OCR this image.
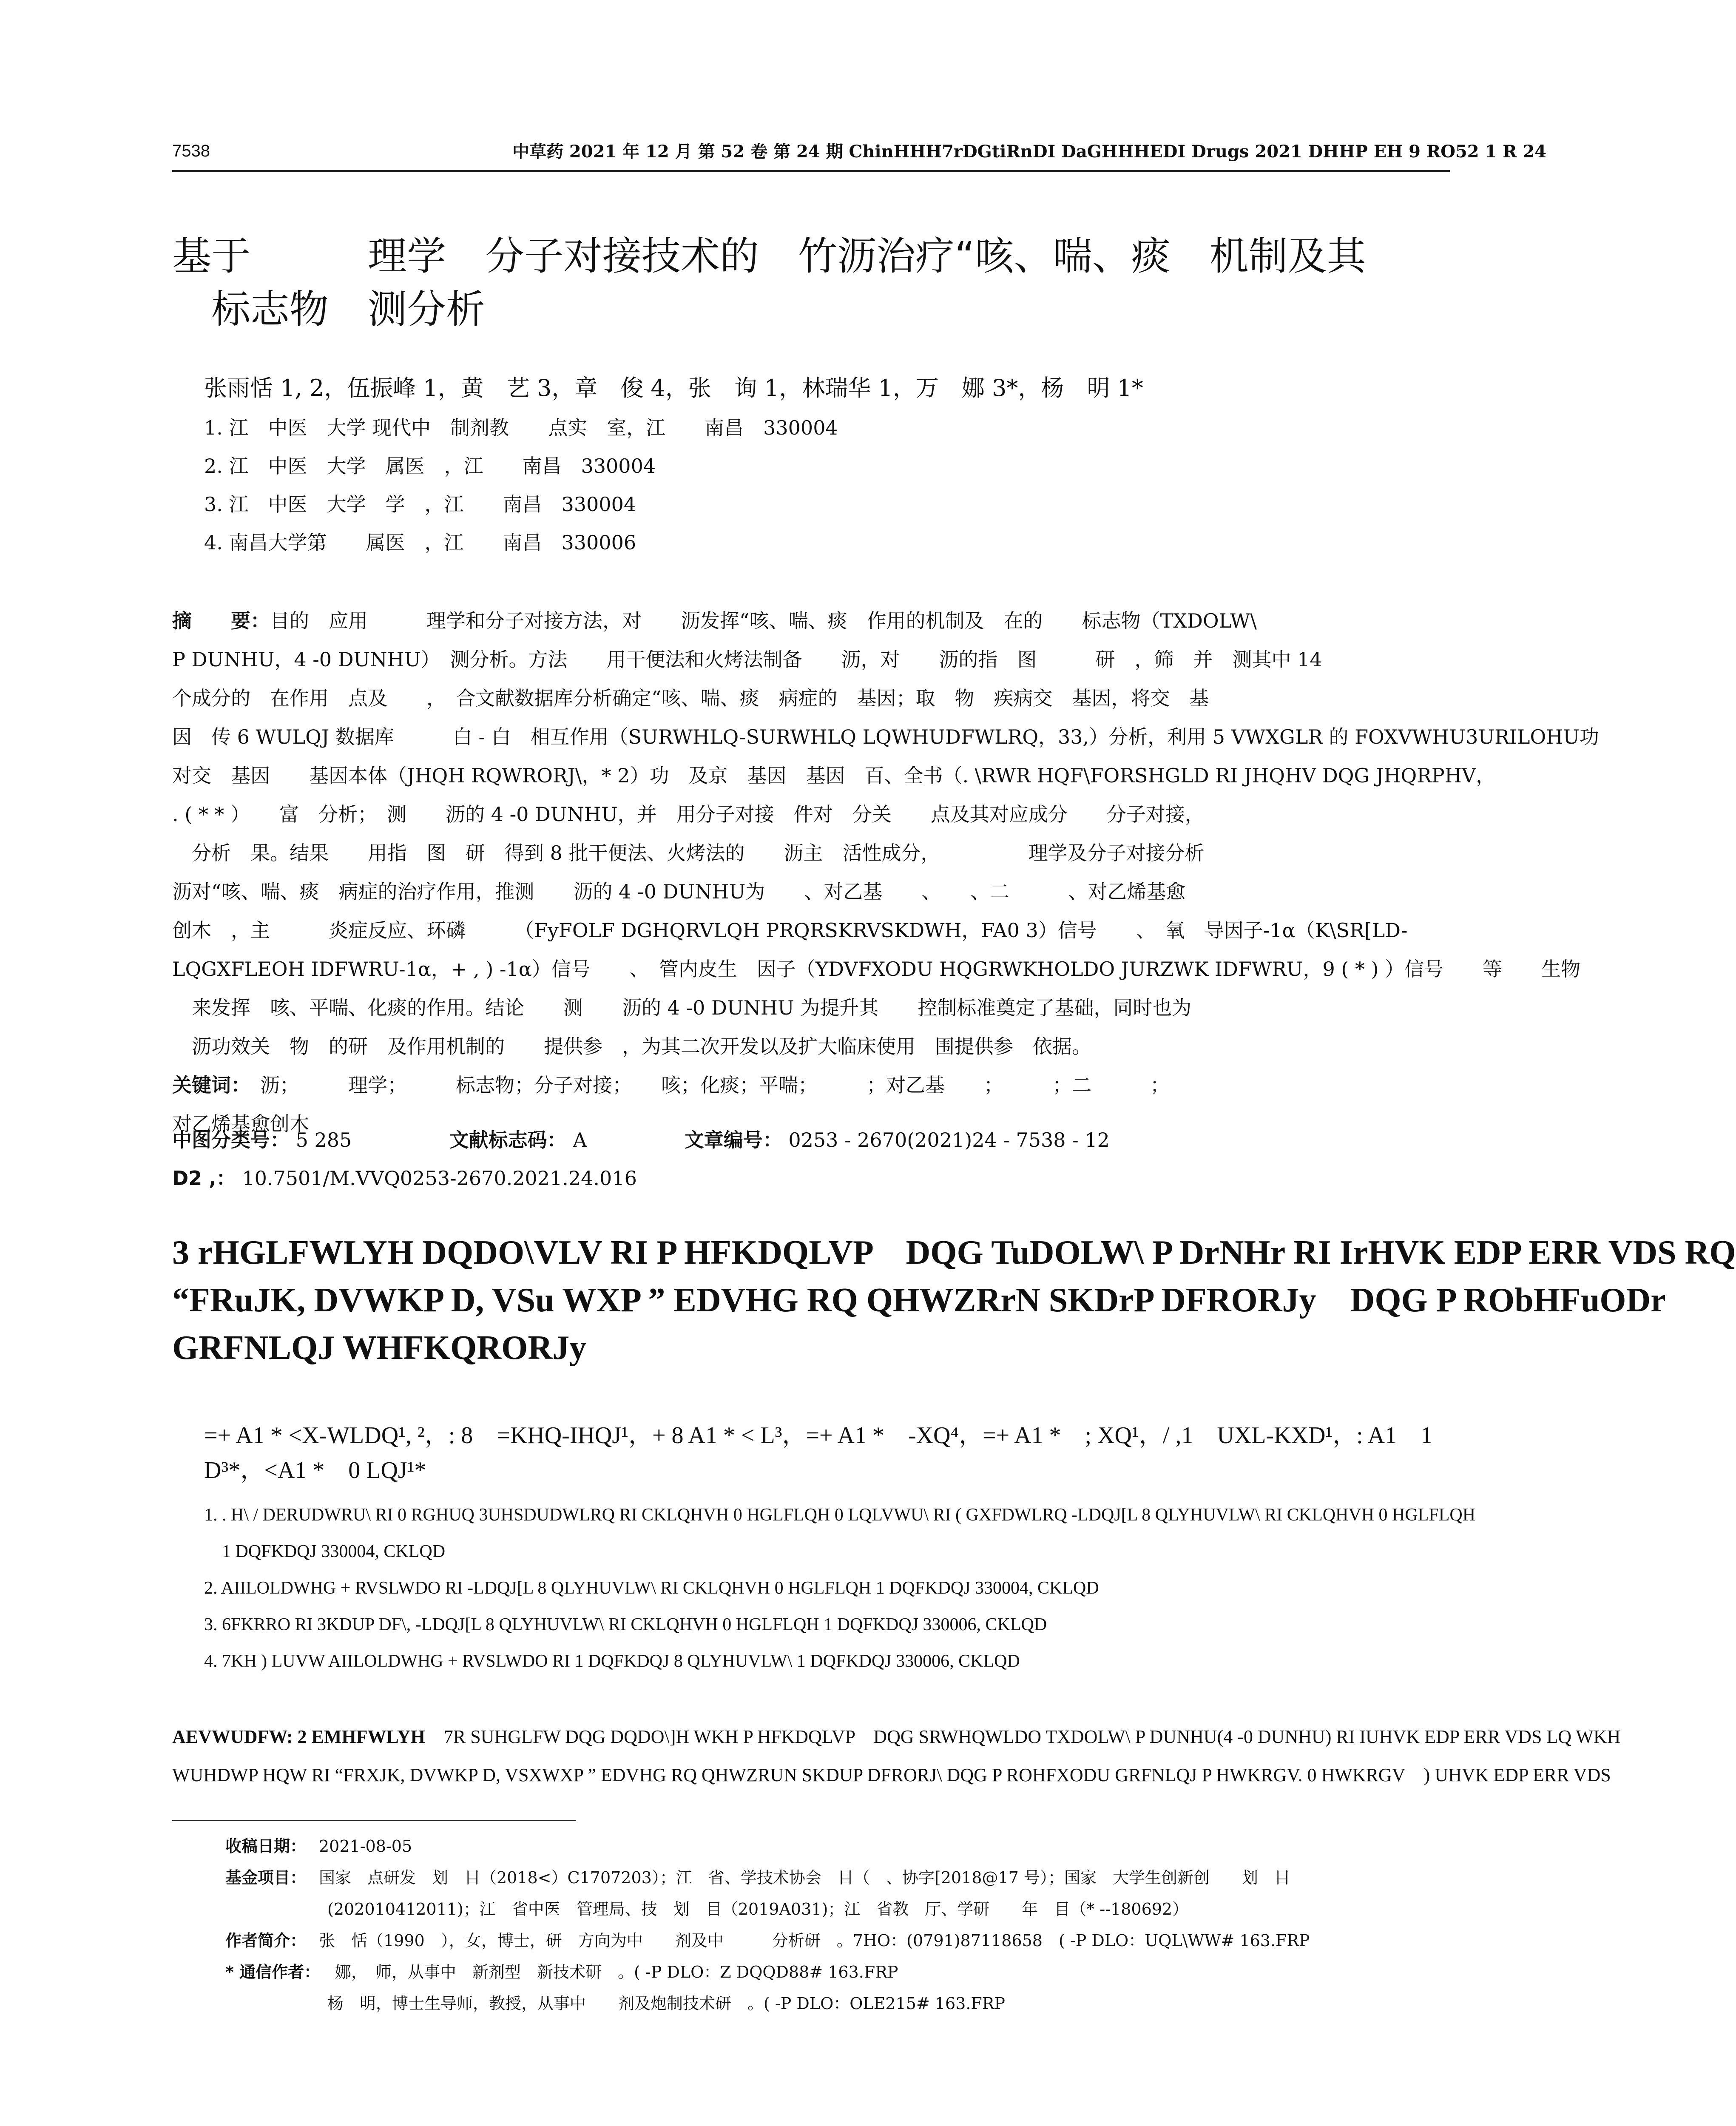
7538	中草药 2021 年 12 月 第 52 卷 第 24 期 ChinHHH7rDGtiRnDI DaGHHHEDI Drugs 2021 DHHP EH 9 RO52 1 R 24
基于　　　理学　分子对接技术的　竹沥治疗“咳、喘、痰　机制及其
　标志物　测分析
张雨恬 1, 2，伍振峰 1，黄　艺 3，章　俊 4，张　询 1，林瑞华 1，万　娜 3*，杨　明 1*
1. 江　中医　大学 现代中　制剂教　　点实　室，江　　南昌　330004
2. 江　中医　大学　属医　，江　　南昌　330004
3. 江　中医　大学　学　，江　　南昌　330004
4. 南昌大学第　　属医　，江　　南昌　330006
摘　　要：目的　应用　　　理学和分子对接方法，对　　沥发挥“咳、喘、痰　作用的机制及　在的　　标志物（TXDOLW\
P DUNHU，4 -0 DUNHU）　测分析。方法　　用干便法和火烤法制备　　沥，对　　沥的指　图　　　研　，筛　并　测其中 14
个成分的　在作用　点及　　，　合文献数据库分析确定“咳、喘、痰　病症的　基因；取　物　疾病交　基因，将交　基
因　传 6 WULQJ 数据库　　　白 - 白　相互作用（SURWHLQ-SURWHLQ LQWHUDFWLRQ，33,）分析，利用 5 VWXGLR 的 FOXVWHU3URILOHU功
对交　基因　　基因本体（JHQH RQWRORJ\，* 2）功　及京　基因　基因　百、全书（. \RWR HQF\FORSHGLD RI JHQHV DQG JHQRPHV，
. ( * * ）　　富　分析；　测　　沥的 4 -0 DUNHU，并　用分子对接　件对　分关　　点及其对应成分　　分子对接，
　分析　果。结果　　用指　图　研　得到 8 批干便法、火烤法的　　沥主　活性成分，　　　　　理学及分子对接分析
沥对“咳、喘、痰　病症的治疗作用，推测　　沥的 4 -0 DUNHU为　　、对乙基　　、　　、二　　　、对乙烯基愈
创木　，主　　　炎症反应、环磷　　　（FyFOLF DGHQRVLQH PRQRSKRVSKDWH，FA0 3）信号　　、　氧　导因子-1α（K\SR[LD-
LQGXFLEOH IDFWRU-1α，+ , ) -1α）信号　　、　管内皮生　因子（YDVFXODU HQGRWKHOLDO JURZWK IDFWRU，9 ( * ) ）信号　　等　　生物
　来发挥　咳、平喘、化痰的作用。结论　　测　　沥的 4 -0 DUNHU 为提升其　　控制标准奠定了基础，同时也为
　沥功效关　物　的研　及作用机制的　　提供参　，为其二次开发以及扩大临床使用　围提供参　依据。
关键词：　沥；　　　理学；　　　标志物；分子对接；　　咳；化痰；平喘；　　　；对乙基　　；　　　；二　　　；
对乙烯基愈创木
中图分类号： 5 285	文献标志码： A	文章编号： 0253 - 2670(2021)24 - 7538 - 12
D2 ,： 10.7501/M.VVQ0253-2670.2021.24.016
3 rHGLFWLYH DQDO\VLV RI P HFKDQLVP　DQG TuDOLW\ P DrNHr RI IrHVK EDP ERR VDS RQ
“FRuJK, DVWKP D, VSu WXP ” EDVHG RQ QHWZRrN SKDrP DFRORJy　DQG P RObHFuODr
GRFNLQJ WHFKQRORJy
=+ A1 * <X-WLDQ¹, ²，: 8　=KHQ-IHQJ¹，+ 8 A1 * < L³，=+ A1 *　-XQ⁴，=+ A1 *　; XQ¹，/ ,1　UXL-KXD¹，: A1　1 D³*，<A1 *　0 LQJ¹*
1. . H\ / DERUDWRU\ RI 0 RGHUQ 3UHSDUDWLRQ RI CKLQHVH 0 HGLFLQH 0 LQLVWU\ RI ( GXFDWLRQ -LDQJ[L 8 QLYHUVLW\ RI CKLQHVH 0 HGLFLQH
　1 DQFKDQJ 330004, CKLQD
2. AIILOLDWHG + RVSLWDO RI -LDQJ[L 8 QLYHUVLW\ RI CKLQHVH 0 HGLFLQH 1 DQFKDQJ 330004, CKLQD
3. 6FKRRO RI 3KDUP DF\, -LDQJ[L 8 QLYHUVLW\ RI CKLQHVH 0 HGLFLQH 1 DQFKDQJ 330006, CKLQD
4. 7KH ) LUVW AIILOLDWHG + RVSLWDO RI 1 DQFKDQJ 8 QLYHUVLW\ 1 DQFKDQJ 330006, CKLQD
AEVWUDFW: 2 EMHFWLYH　 7R SUHGLFW DQG DQDO\]H WKH P HFKDQLVP　DQG SRWHQWLDO TXDOLW\ P DUNHU(4 -0 DUNHU) RI IUHVK EDP ERR VDS LQ WKH
WUHDWP HQW RI “FRXJK, DVWKP D, VSXWXP ” EDVHG RQ QHWZRUN SKDUP DFRORJ\ DQG P ROHFXODU GRFNLQJ P HWKRGV. 0 HWKRGV　) UHVK EDP ERR VDS
收稿日期： 2021-08-05
基金项目： 国家　点研发　划　目（2018<）C1707203）；江　省、学技术协会　目（　、协字[2018@17 号）；国家　大学生创新创　　划　目
(202010412011)；江　省中医　管理局、技　划　目（2019A031)；江　省教　厅、学研　　年　目（* --180692）
作者简介： 张　恬（1990　），女，博士，研　方向为中　　剂及中　　　分析研　。7HO：(0791)87118658　( -P DLO：UQL\WW# 163.FRP
* 通信作者：　娜，　师，从事中　新剂型　新技术研　。( -P DLO：Z DQQD88# 163.FRP
杨　明，博士生导师，教授，从事中　　剂及炮制技术研　。( -P DLO：OLE215# 163.FRP
